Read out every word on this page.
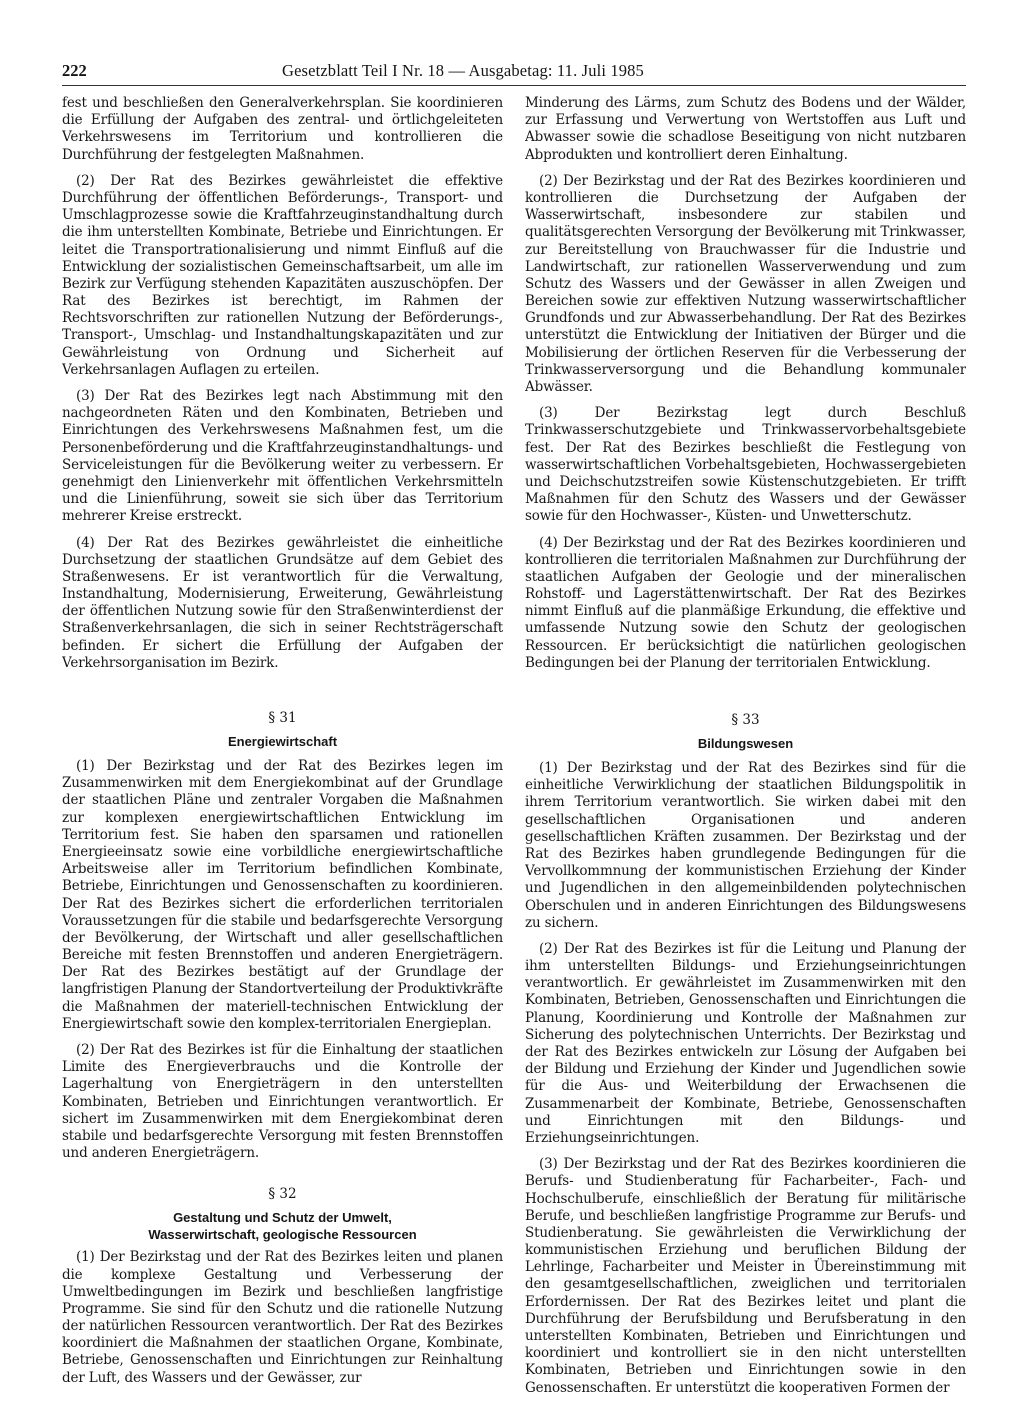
222	Gesetzblatt Teil I Nr. 18 — Ausgabetag: 11. Juli 1985

fest und beschließen den Generalverkehrsplan. Sie koordinieren die Erfüllung der Aufgaben des zentral- und örtlichgeleiteten Verkehrswesens im Territorium und kontrollieren die Durchführung der festgelegten Maßnahmen.

(2) Der Rat des Bezirkes gewährleistet die effektive Durchführung der öffentlichen Beförderungs-, Transport- und Umschlagprozesse sowie die Kraftfahrzeuginstandhaltung durch die ihm unterstellten Kombinate, Betriebe und Einrichtungen. Er leitet die Transportrationalisierung und nimmt Einfluß auf die Entwicklung der sozialistischen Gemeinschaftsarbeit, um alle im Bezirk zur Verfügung stehenden Kapazitäten auszuschöpfen. Der Rat des Bezirkes ist berechtigt, im Rahmen der Rechtsvorschriften zur rationellen Nutzung der Beförderungs-, Transport-, Umschlag- und Instandhaltungskapazitäten und zur Gewährleistung von Ordnung und Sicherheit auf Verkehrsanlagen Auflagen zu erteilen.

(3) Der Rat des Bezirkes legt nach Abstimmung mit den nachgeordneten Räten und den Kombinaten, Betrieben und Einrichtungen des Verkehrswesens Maßnahmen fest, um die Personenbeförderung und die Kraftfahrzeuginstandhaltungs- und Serviceleistungen für die Bevölkerung weiter zu verbessern. Er genehmigt den Linienverkehr mit öffentlichen Verkehrsmitteln und die Linienführung, soweit sie sich über das Territorium mehrerer Kreise erstreckt.

(4) Der Rat des Bezirkes gewährleistet die einheitliche Durchsetzung der staatlichen Grundsätze auf dem Gebiet des Straßenwesens. Er ist verantwortlich für die Verwaltung, Instandhaltung, Modernisierung, Erweiterung, Gewährleistung der öffentlichen Nutzung sowie für den Straßenwinterdienst der Straßenverkehrsanlagen, die sich in seiner Rechtsträgerschaft befinden. Er sichert die Erfüllung der Aufgaben der Verkehrsorganisation im Bezirk.

§ 31

Energiewirtschaft

(1) Der Bezirkstag und der Rat des Bezirkes legen im Zusammenwirken mit dem Energiekombinat auf der Grundlage der staatlichen Pläne und zentraler Vorgaben die Maßnahmen zur komplexen energiewirtschaftlichen Entwicklung im Territorium fest. Sie haben den sparsamen und rationellen Energieeinsatz sowie eine vorbildliche energiewirtschaftliche Arbeitsweise aller im Territorium befindlichen Kombinate, Betriebe, Einrichtungen und Genossenschaften zu koordinieren. Der Rat des Bezirkes sichert die erforderlichen territorialen Voraussetzungen für die stabile und bedarfsgerechte Versorgung der Bevölkerung, der Wirtschaft und aller gesellschaftlichen Bereiche mit festen Brennstoffen und anderen Energieträgern. Der Rat des Bezirkes bestätigt auf der Grundlage der langfristigen Planung der Standortverteilung der Produktivkräfte die Maßnahmen der materiell-technischen Entwicklung der Energiewirtschaft sowie den komplex-territorialen Energieplan.

(2) Der Rat des Bezirkes ist für die Einhaltung der staatlichen Limite des Energieverbrauchs und die Kontrolle der Lagerhaltung von Energieträgern in den unterstellten Kombinaten, Betrieben und Einrichtungen verantwortlich. Er sichert im Zusammenwirken mit dem Energiekombinat deren stabile und bedarfsgerechte Versorgung mit festen Brennstoffen und anderen Energieträgern.

§ 32

Gestaltung und Schutz der Umwelt,

Wasserwirtschaft, geologische Ressourcen

(1) Der Bezirkstag und der Rat des Bezirkes leiten und planen die komplexe Gestaltung und Verbesserung der Umweltbedingungen im Bezirk und beschließen langfristige Programme. Sie sind für den Schutz und die rationelle Nutzung der natürlichen Ressourcen verantwortlich. Der Rat des Bezirkes koordiniert die Maßnahmen der staatlichen Organe, Kombinate, Betriebe, Genossenschaften und Einrichtungen zur Reinhaltung der Luft, des Wassers und der Gewässer, zur

Minderung des Lärms, zum Schutz des Bodens und der Wälder, zur Erfassung und Verwertung von Wertstoffen aus Luft und Abwasser sowie die schadlose Beseitigung von nicht nutzbaren Abprodukten und kontrolliert deren Einhaltung.

(2) Der Bezirkstag und der Rat des Bezirkes koordinieren und kontrollieren die Durchsetzung der Aufgaben der Wasserwirtschaft, insbesondere zur stabilen und qualitätsgerechten Versorgung der Bevölkerung mit Trinkwasser, zur Bereitstellung von Brauchwasser für die Industrie und Landwirtschaft, zur rationellen Wasserverwendung und zum Schutz des Wassers und der Gewässer in allen Zweigen und Bereichen sowie zur effektiven Nutzung wasserwirtschaftlicher Grundfonds und zur Abwasserbehandlung. Der Rat des Bezirkes unterstützt die Entwicklung der Initiativen der Bürger und die Mobilisierung der örtlichen Reserven für die Verbesserung der Trinkwasserversorgung und die Behandlung kommunaler Abwässer.

(3) Der Bezirkstag legt durch Beschluß Trinkwasserschutzgebiete und Trinkwasservorbehaltsgebiete fest. Der Rat des Bezirkes beschließt die Festlegung von wasserwirtschaftlichen Vorbehaltsgebieten, Hochwassergebieten und Deichschutzstreifen sowie Küstenschutzgebieten. Er trifft Maßnahmen für den Schutz des Wassers und der Gewässer sowie für den Hochwasser-, Küsten- und Unwetterschutz.

(4) Der Bezirkstag und der Rat des Bezirkes koordinieren und kontrollieren die territorialen Maßnahmen zur Durchführung der staatlichen Aufgaben der Geologie und der mineralischen Rohstoff- und Lagerstättenwirtschaft. Der Rat des Bezirkes nimmt Einfluß auf die planmäßige Erkundung, die effektive und umfassende Nutzung sowie den Schutz der geologischen Ressourcen. Er berücksichtigt die natürlichen geologischen Bedingungen bei der Planung der territorialen Entwicklung.

§ 33

Bildungswesen

(1) Der Bezirkstag und der Rat des Bezirkes sind für die einheitliche Verwirklichung der staatlichen Bildungspolitik in ihrem Territorium verantwortlich. Sie wirken dabei mit den gesellschaftlichen Organisationen und anderen gesellschaftlichen Kräften zusammen. Der Bezirkstag und der Rat des Bezirkes haben grundlegende Bedingungen für die Vervollkommnung der kommunistischen Erziehung der Kinder und Jugendlichen in den allgemeinbildenden polytechnischen Oberschulen und in anderen Einrichtungen des Bildungswesens zu sichern.

(2) Der Rat des Bezirkes ist für die Leitung und Planung der ihm unterstellten Bildungs- und Erziehungseinrichtungen verantwortlich. Er gewährleistet im Zusammenwirken mit den Kombinaten, Betrieben, Genossenschaften und Einrichtungen die Planung, Koordinierung und Kontrolle der Maßnahmen zur Sicherung des polytechnischen Unterrichts. Der Bezirkstag und der Rat des Bezirkes entwickeln zur Lösung der Aufgaben bei der Bildung und Erziehung der Kinder und Jugendlichen sowie für die Aus- und Weiterbildung der Erwachsenen die Zusammenarbeit der Kombinate, Betriebe, Genossenschaften und Einrichtungen mit den Bildungs- und Erziehungseinrichtungen.

(3) Der Bezirkstag und der Rat des Bezirkes koordinieren die Berufs- und Studienberatung für Facharbeiter-, Fach- und Hochschulberufe, einschließlich der Beratung für militärische Berufe, und beschließen langfristige Programme zur Berufs- und Studienberatung. Sie gewährleisten die Verwirklichung der kommunistischen Erziehung und beruflichen Bildung der Lehrlinge, Facharbeiter und Meister in Übereinstimmung mit den gesamtgesellschaftlichen, zweiglichen und territorialen Erfordernissen. Der Rat des Bezirkes leitet und plant die Durchführung der Berufsbildung und Berufsberatung in den unterstellten Kombinaten, Betrieben und Einrichtungen und koordiniert und kontrolliert sie in den nicht unterstellten Kombinaten, Betrieben und Einrichtungen sowie in den Genossenschaften. Er unterstützt die kooperativen Formen der
